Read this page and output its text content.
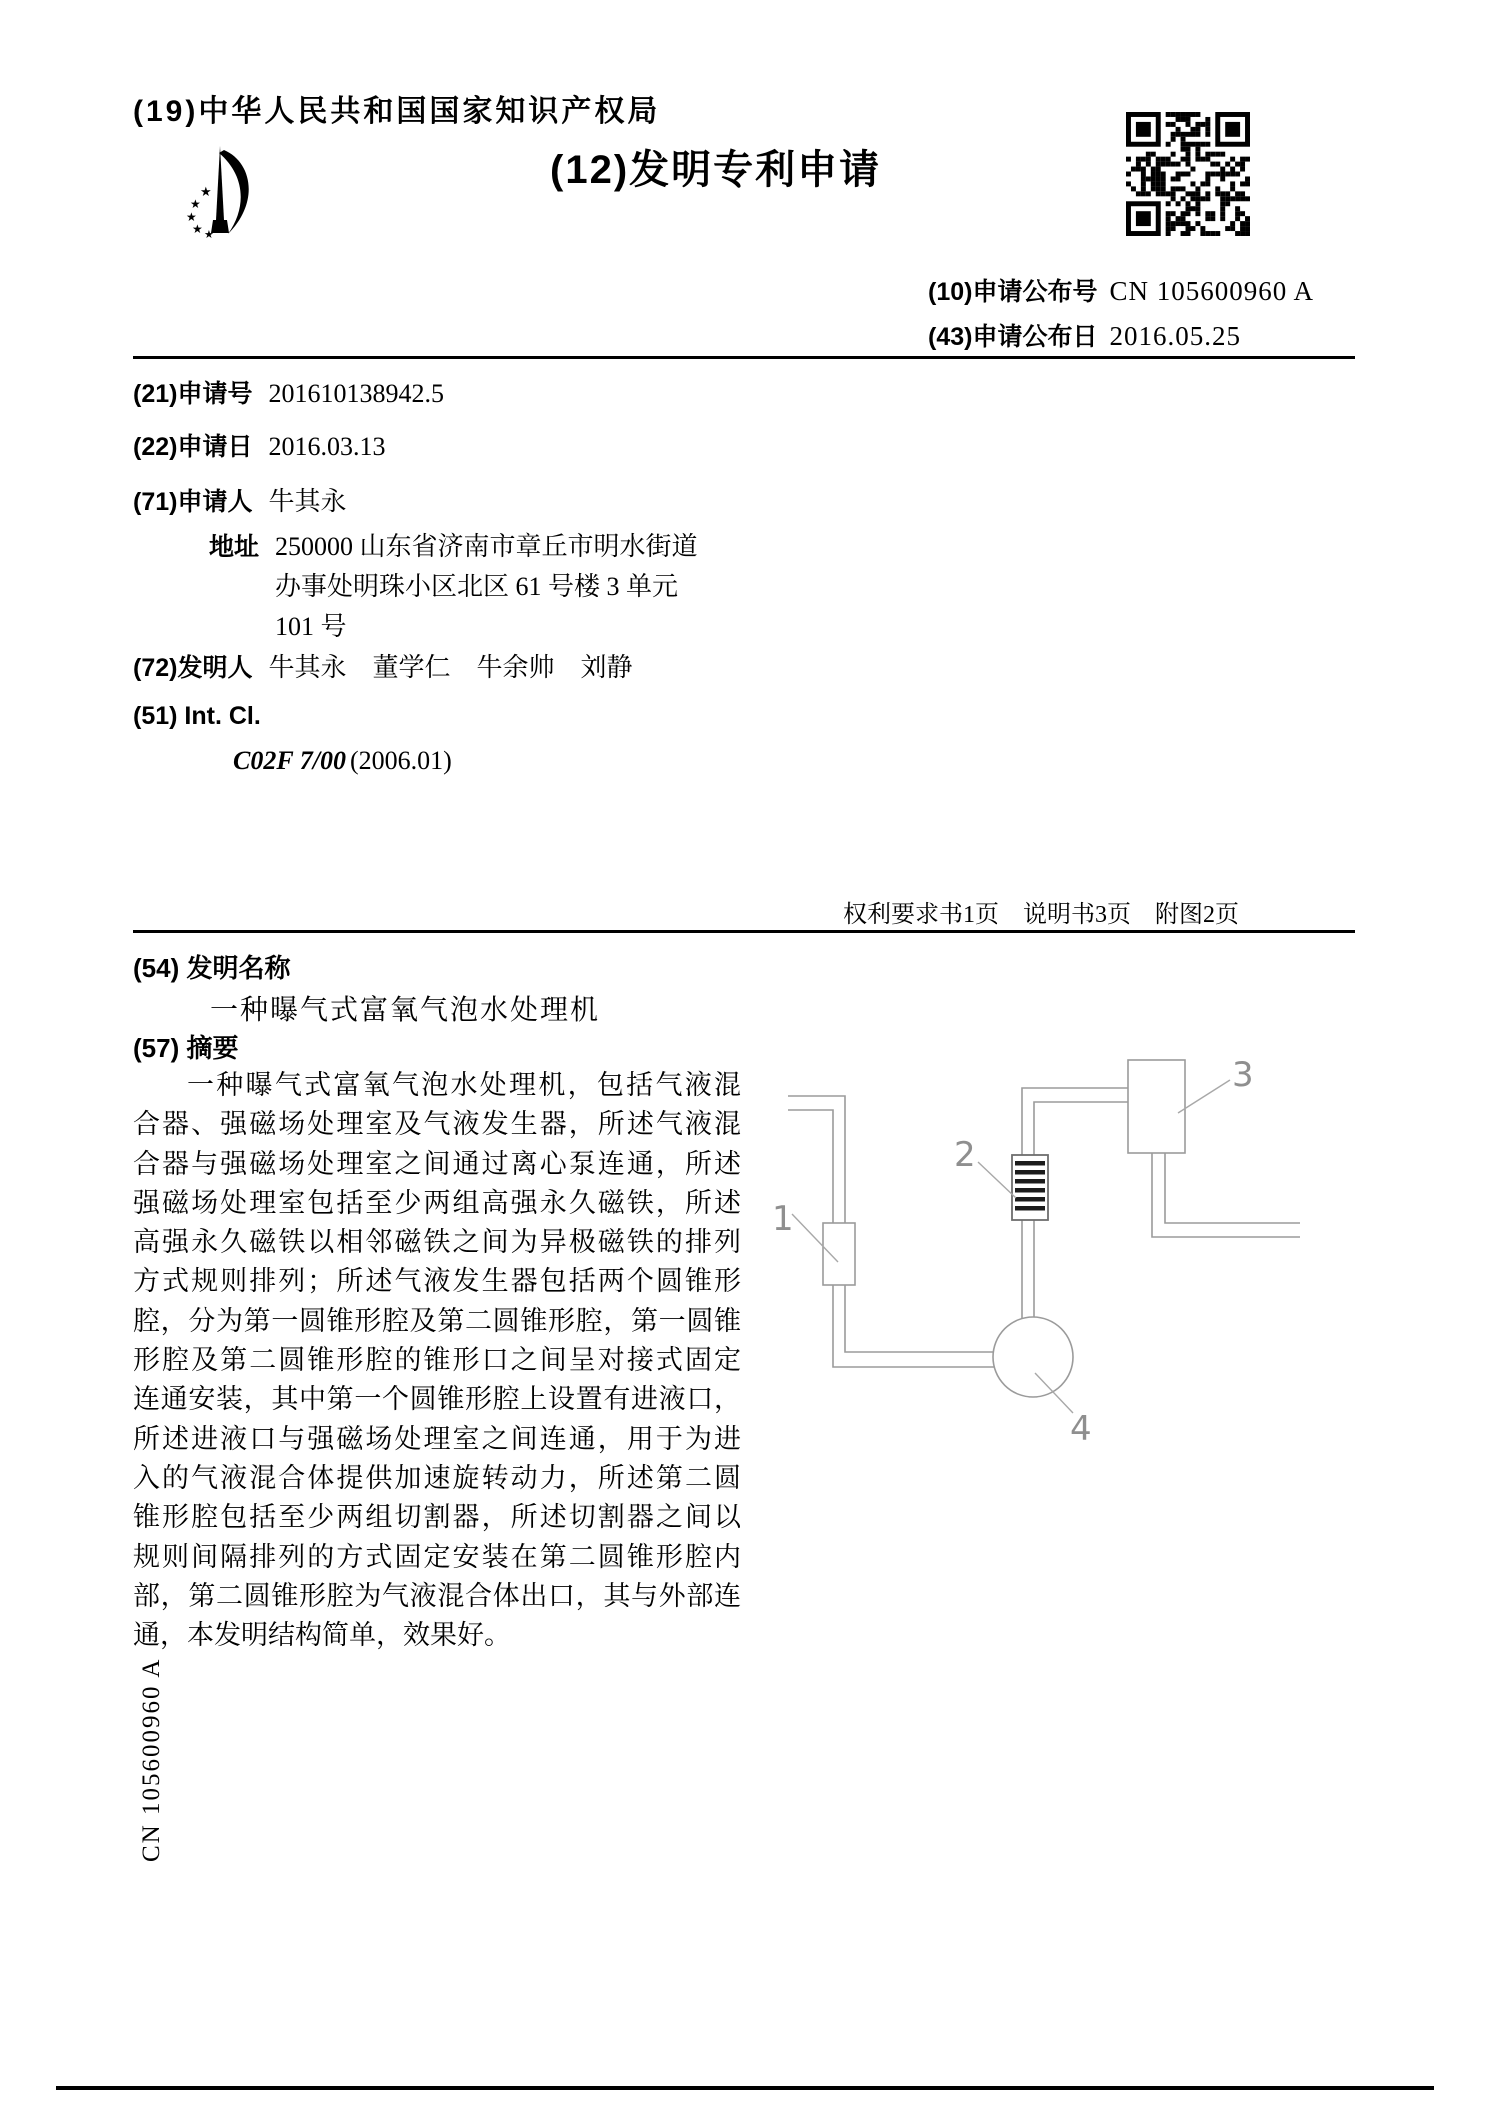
(19)中华人民共和国国家知识产权局
★
★
★
★ ★
(12)发明专利申请
(10)申请公布号 CN 105600960 A
(43)申请公布日 2016.05.25
(21)申请号 201610138942.5
(22)申请日 2016.03.13
(71)申请人 牛其永
地址 250000 山东省济南市章丘市明水街道
办事处明珠小区北区 61 号楼 3 单元
101 号
(72)发明人 牛其永　董学仁　牛余帅　刘静
(51) Int. Cl.
C02F 7/00 (2006.01)
权利要求书1页　说明书3页　附图2页
(54) 发明名称
一种曝气式富氧气泡水处理机
(57) 摘要
一种曝气式富氧气泡水处理机，包括气液混
合器、强磁场处理室及气液发生器，所述气液混
合器与强磁场处理室之间通过离心泵连通，所述
强磁场处理室包括至少两组高强永久磁铁，所述
高强永久磁铁以相邻磁铁之间为异极磁铁的排列
方式规则排列；所述气液发生器包括两个圆锥形
腔，分为第一圆锥形腔及第二圆锥形腔，第一圆锥
形腔及第二圆锥形腔的锥形口之间呈对接式固定
连通安装，其中第一个圆锥形腔上设置有进液口，
所述进液口与强磁场处理室之间连通，用于为进
入的气液混合体提供加速旋转动力，所述第二圆
锥形腔包括至少两组切割器，所述切割器之间以
规则间隔排列的方式固定安装在第二圆锥形腔内
部，第二圆锥形腔为气液混合体出口，其与外部连
通，本发明结构简单，效果好。
1
2
3
4
CN 105600960 A
